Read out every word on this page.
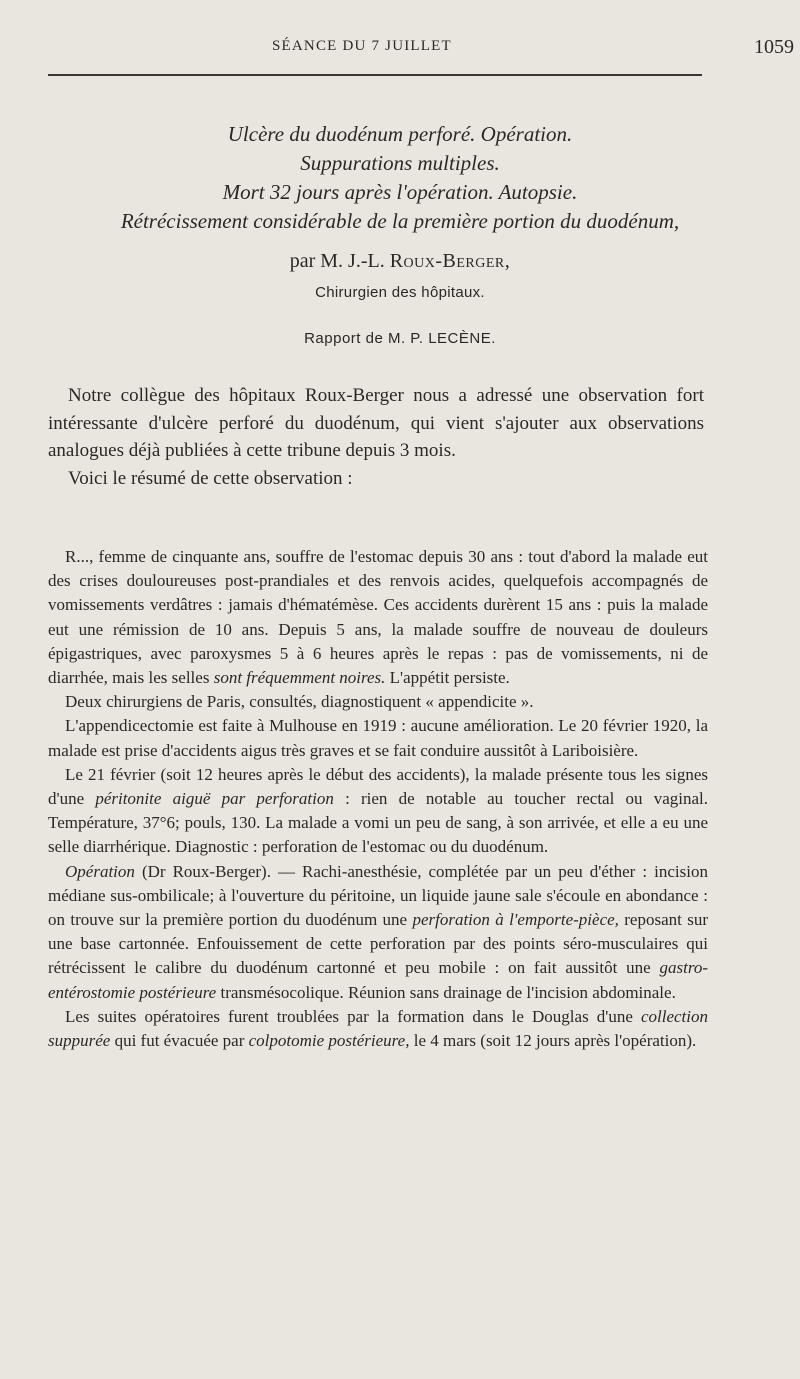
SÉANCE DU 7 JUILLET	1059
Ulcère du duodénum perforé. Opération.
Suppurations multiples.
Mort 32 jours après l'opération. Autopsie.
Rétrécissement considérable de la première portion du duodénum,
par M. J.-L. Roux-Berger,
Chirurgien des hôpitaux.
Rapport de M. P. LECÈNE.

Notre collègue des hôpitaux Roux-Berger nous a adressé une observation fort intéressante d'ulcère perforé du duodénum, qui vient s'ajouter aux observations analogues déjà publiées à cette tribune depuis 3 mois.

Voici le résumé de cette observation :

R..., femme de cinquante ans, souffre de l'estomac depuis 30 ans : tout d'abord la malade eut des crises douloureuses post-prandiales et des renvois acides, quelquefois accompagnés de vomissements verdâtres : jamais d'hématémèse. Ces accidents durèrent 15 ans : puis la malade eut une rémission de 10 ans. Depuis 5 ans, la malade souffre de nouveau de douleurs épigastriques, avec paroxysmes 5 à 6 heures après le repas : pas de vomissements, ni de diarrhée, mais les selles sont fréquemment noires. L'appétit persiste.

Deux chirurgiens de Paris, consultés, diagnostiquent « appendicite ».

L'appendicectomie est faite à Mulhouse en 1919 : aucune amélioration. Le 20 février 1920, la malade est prise d'accidents aigus très graves et se fait conduire aussitôt à Lariboisière.

Le 21 février (soit 12 heures après le début des accidents), la malade présente tous les signes d'une péritonite aiguë par perforation : rien de notable au toucher rectal ou vaginal. Température, 37°6; pouls, 130. La malade a vomi un peu de sang, à son arrivée, et elle a eu une selle diarrhérique. Diagnostic : perforation de l'estomac ou du duodénum.

Opération (Dr Roux-Berger). — Rachi-anesthésie, complétée par un peu d'éther : incision médiane sus-ombilicale; à l'ouverture du péritoine, un liquide jaune sale s'écoule en abondance : on trouve sur la première portion du duodénum une perforation à l'emporte-pièce, reposant sur une base cartonnée. Enfouissement de cette perforation par des points séro-musculaires qui rétrécissent le calibre du duodénum cartonné et peu mobile : on fait aussitôt une gastro-entérostomie postérieure transmésocolique. Réunion sans drainage de l'incision abdominale.

Les suites opératoires furent troublées par la formation dans le Douglas d'une collection suppurée qui fut évacuée par colpotomie postérieure, le 4 mars (soit 12 jours après l'opération).
